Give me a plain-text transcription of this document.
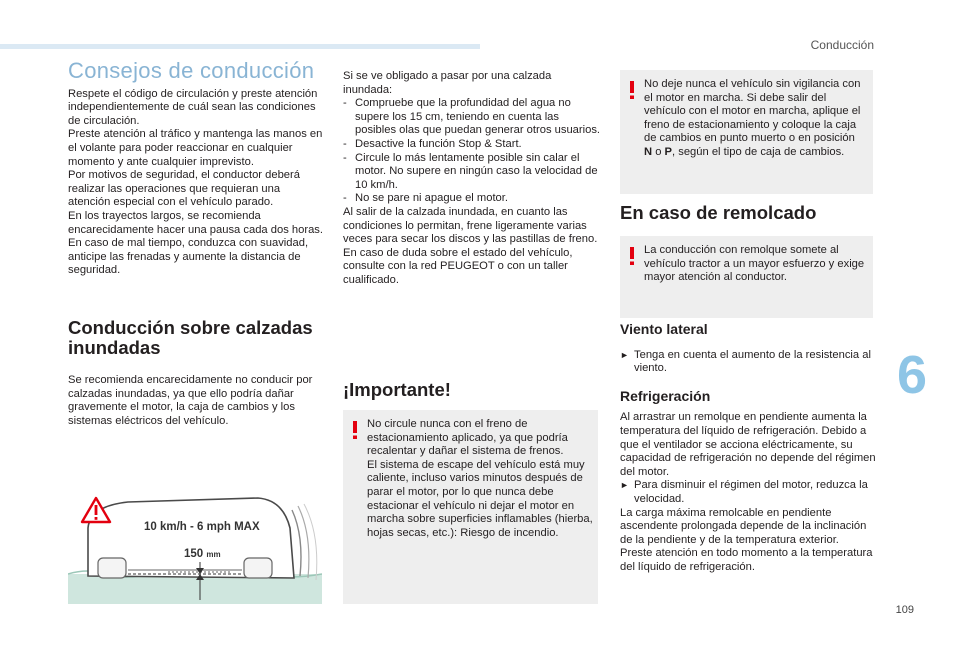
Conducción
6
109
Consejos de conducción

Respete el código de circulación y preste atención independientemente de cuál sean las condiciones de circulación.

Preste atención al tráfico y mantenga las manos en el volante para poder reaccionar en cualquier momento y ante cualquier imprevisto.

Por motivos de seguridad, el conductor deberá realizar las operaciones que requieran una atención especial con el vehículo parado.

En los trayectos largos, se recomienda encarecidamente hacer una pausa cada dos horas.

En caso de mal tiempo, conduzca con suavidad, anticipe las frenadas y aumente la distancia de seguridad.

Conducción sobre calzadas inundadas

Se recomienda encarecidamente no conducir por calzadas inundadas, ya que ello podría dañar gravemente el motor, la caja de cambios y los sistemas eléctricos del vehículo.

10 km/h - 6 mph MAX
150 mm

Si se ve obligado a pasar por una calzada inundada:

- Compruebe que la profundidad del agua no supere los 15 cm, teniendo en cuenta las posibles olas que puedan generar otros usuarios.
- Desactive la función Stop & Start.
- Circule lo más lentamente posible sin calar el motor. No supere en ningún caso la velocidad de 10 km/h.
- No se pare ni apague el motor.

Al salir de la calzada inundada, en cuanto las condiciones lo permitan, frene ligeramente varias veces para secar los discos y las pastillas de freno.

En caso de duda sobre el estado del vehículo, consulte con la red PEUGEOT o con un taller cualificado.

¡Importante!

No circule nunca con el freno de estacionamiento aplicado, ya que podría recalentar y dañar el sistema de frenos.

El sistema de escape del vehículo está muy caliente, incluso varios minutos después de parar el motor, por lo que nunca debe estacionar el vehículo ni dejar el motor en marcha sobre superficies inflamables (hierba, hojas secas, etc.): Riesgo de incendio.

No deje nunca el vehículo sin vigilancia con el motor en marcha. Si debe salir del vehículo con el motor en marcha, aplique el freno de estacionamiento y coloque la caja de cambios en punto muerto o en posición N o P, según el tipo de caja de cambios.
En caso de remolcado
La conducción con remolque somete al vehículo tractor a un mayor esfuerzo y exige mayor atención al conductor.
Viento lateral
► Tenga en cuenta el aumento de la resistencia al viento.
Refrigeración

Al arrastrar un remolque en pendiente aumenta la temperatura del líquido de refrigeración. Debido a que el ventilador se acciona eléctricamente, su capacidad de refrigeración no depende del régimen del motor.

► Para disminuir el régimen del motor, reduzca la velocidad.

La carga máxima remolcable en pendiente ascendente prolongada depende de la inclinación de la pendiente y de la temperatura exterior.

Preste atención en todo momento a la temperatura del líquido de refrigeración.
